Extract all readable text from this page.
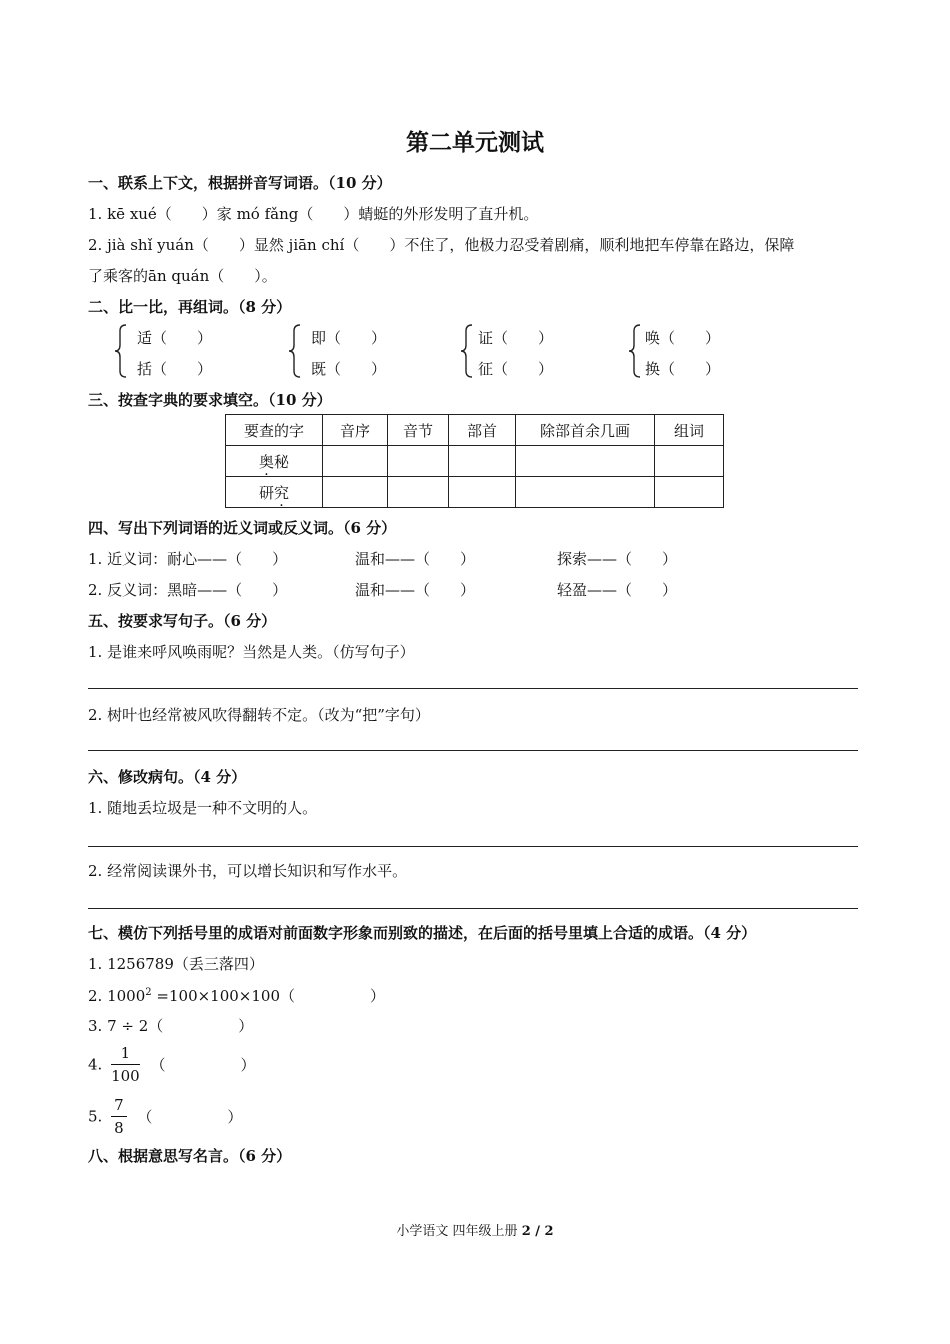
第二单元测试
一、联系上下文，根据拼音写词语。（10 分）
1. kē xué（　　）家 mó fǎng（　　）蜻蜓的外形发明了直升机。
2. jià shǐ yuán（　　）显然 jiān chí（　　）不住了，他极力忍受着剧痛，顺利地把车停靠在路边，保障
了乘客的ān quán（　　）。
二、比一比，再组词。（8 分）
适（　　）
括（　　）
即（　　）
既（　　）
证（　　）
征（　　）
唤（　　）
换（　　）
三、按查字典的要求填空。（10 分）
要查的字	音序	音节	部首	除部首余几画	组词
奥秘					
研究					
四、写出下列词语的近义词或反义词。（6 分）
1. 近义词：耐心——（　　）	温和——（　　）	探索——（　　）
2. 反义词：黑暗——（　　）	温和——（　　）	轻盈——（　　）
五、按要求写句子。（6 分）
1. 是谁来呼风唤雨呢？当然是人类。（仿写句子）
2. 树叶也经常被风吹得翻转不定。（改为“把”字句）
六、修改病句。（4 分）
1. 随地丢垃圾是一种不文明的人。
2. 经常阅读课外书，可以增长知识和写作水平。
七、模仿下列括号里的成语对前面数字形象而别致的描述，在后面的括号里填上合适的成语。（4 分）
1. 1256789（丢三落四）
2. $1000^2 =100\times 100\times 100$（　　　　　）
3. 7 ÷ 2（　　　　　）
4. $\frac{1}{100}$ （　　　　　）
5. $\frac{7}{8}$ （　　　　　）
八、根据意思写名言。（6 分）
小学语文 四年级上册 2 / 2
